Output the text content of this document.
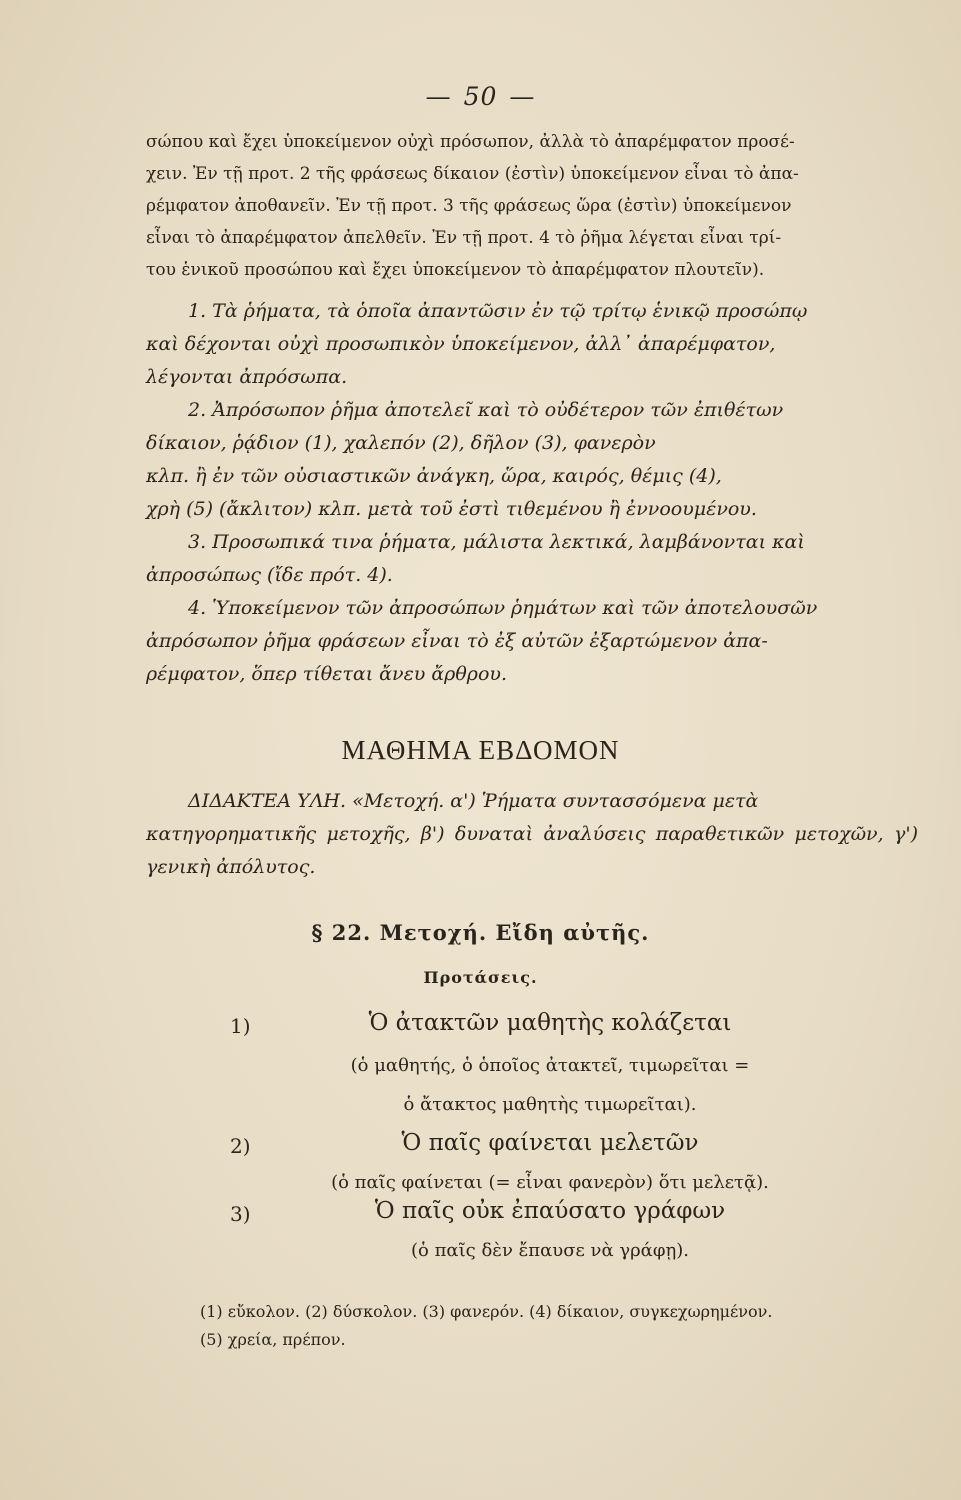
— 50 —

σώπου καὶ ἔχει ὑποκείμενον οὐχὶ πρόσωπον, ἀλλὰ τὸ ἀπαρέμφατον προσέ-

χειν. Ἐν τῇ προτ. 2 τῆς φράσεως δίκαιον (ἐστὶν) ὑποκείμενον εἶναι τὸ ἀπα-

ρέμφατον ἀποθανεῖν. Ἐν τῇ προτ. 3 τῆς φράσεως ὥρα (ἐστὶν) ὑποκείμενον

εἶναι τὸ ἀπαρέμφατον ἀπελθεῖν. Ἐν τῇ προτ. 4 τὸ ῥῆμα λέγεται εἶναι τρί-

του ἑνικοῦ προσώπου καὶ ἔχει ὑποκείμενον τὸ ἀπαρέμφατον πλουτεῖν).

1. Τὰ ῥήματα, τὰ ὁποῖα ἀπαντῶσιν ἐν τῷ τρίτῳ ἑνικῷ προσώπῳ

καὶ δέχονται οὐχὶ προσωπικὸν ὑποκείμενον, ἀλλ᾽ ἀπαρέμφατον,

λέγονται ἀπρόσωπα.

2. Ἀπρόσωπον ῥῆμα ἀποτελεῖ καὶ τὸ οὐδέτερον τῶν ἐπιθέτων

δίκαιον, ῥᾴδιον (1), χαλεπόν (2), δῆλον (3), φανερὸν

κλπ. ἢ ἐν τῶν οὐσιαστικῶν ἀνάγκη, ὥρα, καιρός, θέμις (4),

χρὴ (5) (ἄκλιτον) κλπ. μετὰ τοῦ ἐστὶ τιθεμένου ἢ ἐννοουμένου.

3. Προσωπικά τινα ῥήματα, μάλιστα λεκτικά, λαμβάνονται καὶ

ἀπροσώπως (ἴδε πρότ. 4).

4. Ὑποκείμενον τῶν ἀπροσώπων ῥημάτων καὶ τῶν ἀποτελουσῶν

ἀπρόσωπον ῥῆμα φράσεων εἶναι τὸ ἐξ αὐτῶν ἐξαρτώμενον ἀπα-

ρέμφατον, ὅπερ τίθεται ἄνευ ἄρθρου.

ΜΑΘΗΜΑ ΕΒΔΟΜΟΝ

ΔΙΔΑΚΤΕΑ ΥΛΗ. «Μετοχή. α') Ῥήματα συντασσόμενα μετὰ

κατηγορηματικῆς μετοχῆς, β') δυναταὶ ἀναλύσεις παραθετικῶν μετοχῶν, γ') γενικὴ ἀπόλυτος.

§ 22. Μετοχή. Εἴδη αὐτῆς.
Προτάσεις.
1)	Ὁ ἀτακτῶν μαθητὴς κολάζεται
(ὁ μαθητής, ὁ ὁποῖος ἀτακτεῖ, τιμωρεῖται =
ὁ ἄτακτος μαθητὴς τιμωρεῖται).
2)	Ὁ παῖς φαίνεται μελετῶν
(ὁ παῖς φαίνεται (= εἶναι φανερὸν) ὅτι μελετᾷ).
3)	Ὁ παῖς οὐκ ἐπαύσατο γράφων
(ὁ παῖς δὲν ἔπαυσε νὰ γράφῃ).
(1) εὔκολον. (2) δύσκολον. (3) φανερόν. (4) δίκαιον, συγκεχωρημένον.
(5) χρεία, πρέπον.
